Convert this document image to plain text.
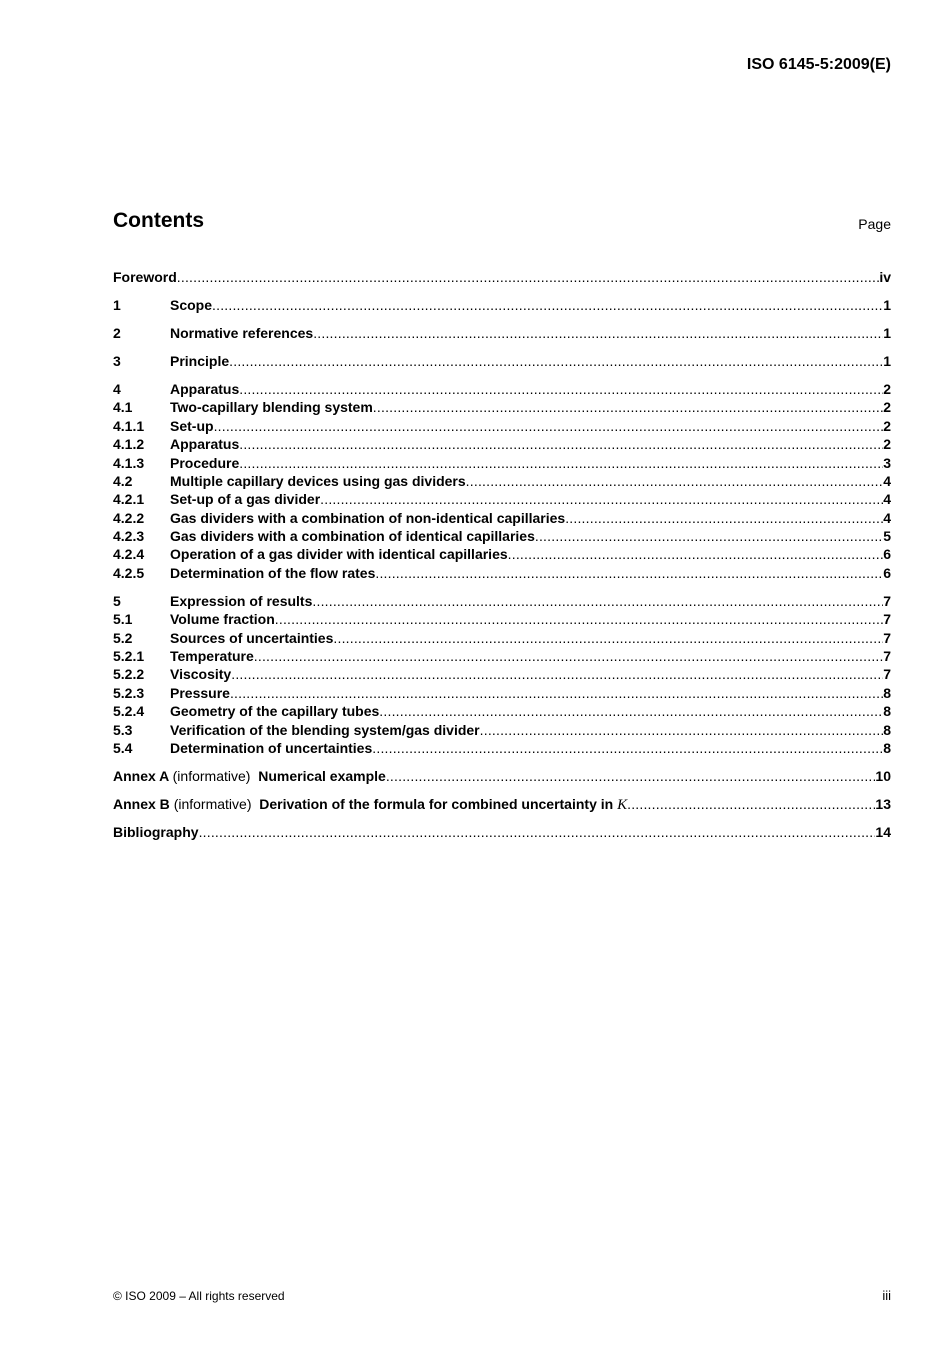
ISO 6145-5:2009(E)
Contents	Page
Foreword .....	iv
1	Scope .....	1
2	Normative references .....	1
3	Principle .....	1
4	Apparatus .....	2
4.1	Two-capillary blending system .....	2
4.1.1	Set-up .....	2
4.1.2	Apparatus .....	2
4.1.3	Procedure .....	3
4.2	Multiple capillary devices using gas dividers .....	4
4.2.1	Set-up of a gas divider .....	4
4.2.2	Gas dividers with a combination of non-identical capillaries .....	4
4.2.3	Gas dividers with a combination of identical capillaries .....	5
4.2.4	Operation of a gas divider with identical capillaries .....	6
4.2.5	Determination of the flow rates .....	6
5	Expression of results .....	7
5.1	Volume fraction .....	7
5.2	Sources of uncertainties .....	7
5.2.1	Temperature .....	7
5.2.2	Viscosity .....	7
5.2.3	Pressure .....	8
5.2.4	Geometry of the capillary tubes .....	8
5.3	Verification of the blending system/gas divider .....	8
5.4	Determination of uncertainties .....	8
Annex A (informative) Numerical example .....	10
Annex B (informative) Derivation of the formula for combined uncertainty in K .....	13
Bibliography .....	14
© ISO 2009 – All rights reserved	iii
